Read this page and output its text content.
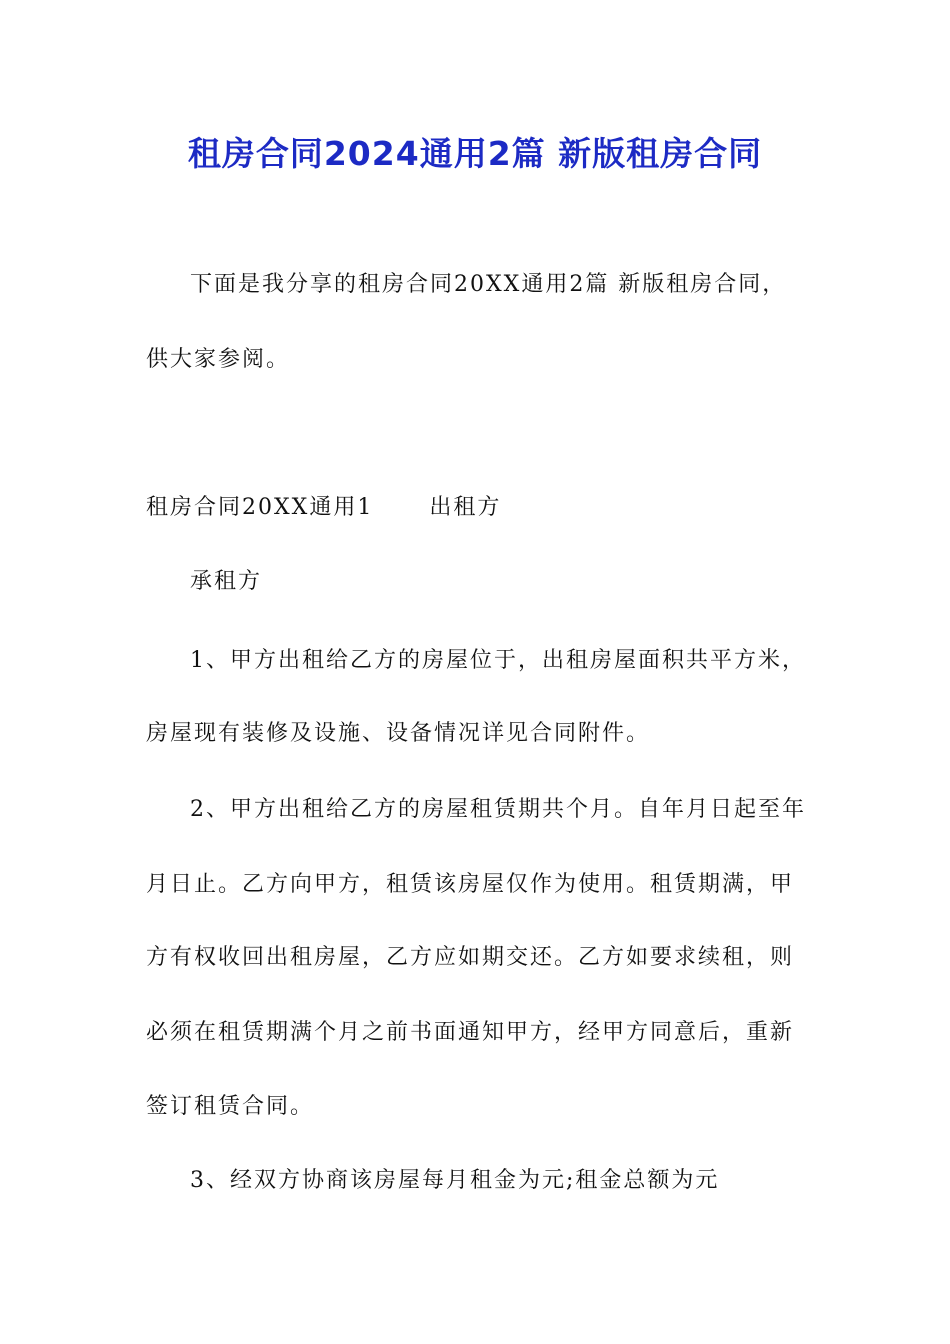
租房合同2024通用2篇 新版租房合同
下面是我分享的租房合同20XX通用2篇 新版租房合同，
供大家参阅。
租房合同20XX通用1	出租方
承租方
1、甲方出租给乙方的房屋位于，出租房屋面积共平方米，
房屋现有装修及设施、设备情况详见合同附件。
2、甲方出租给乙方的房屋租赁期共个月。自年月日起至年
月日止。乙方向甲方，租赁该房屋仅作为使用。租赁期满，甲
方有权收回出租房屋，乙方应如期交还。乙方如要求续租，则
必须在租赁期满个月之前书面通知甲方，经甲方同意后，重新
签订租赁合同。
3、经双方协商该房屋每月租金为元;租金总额为元
